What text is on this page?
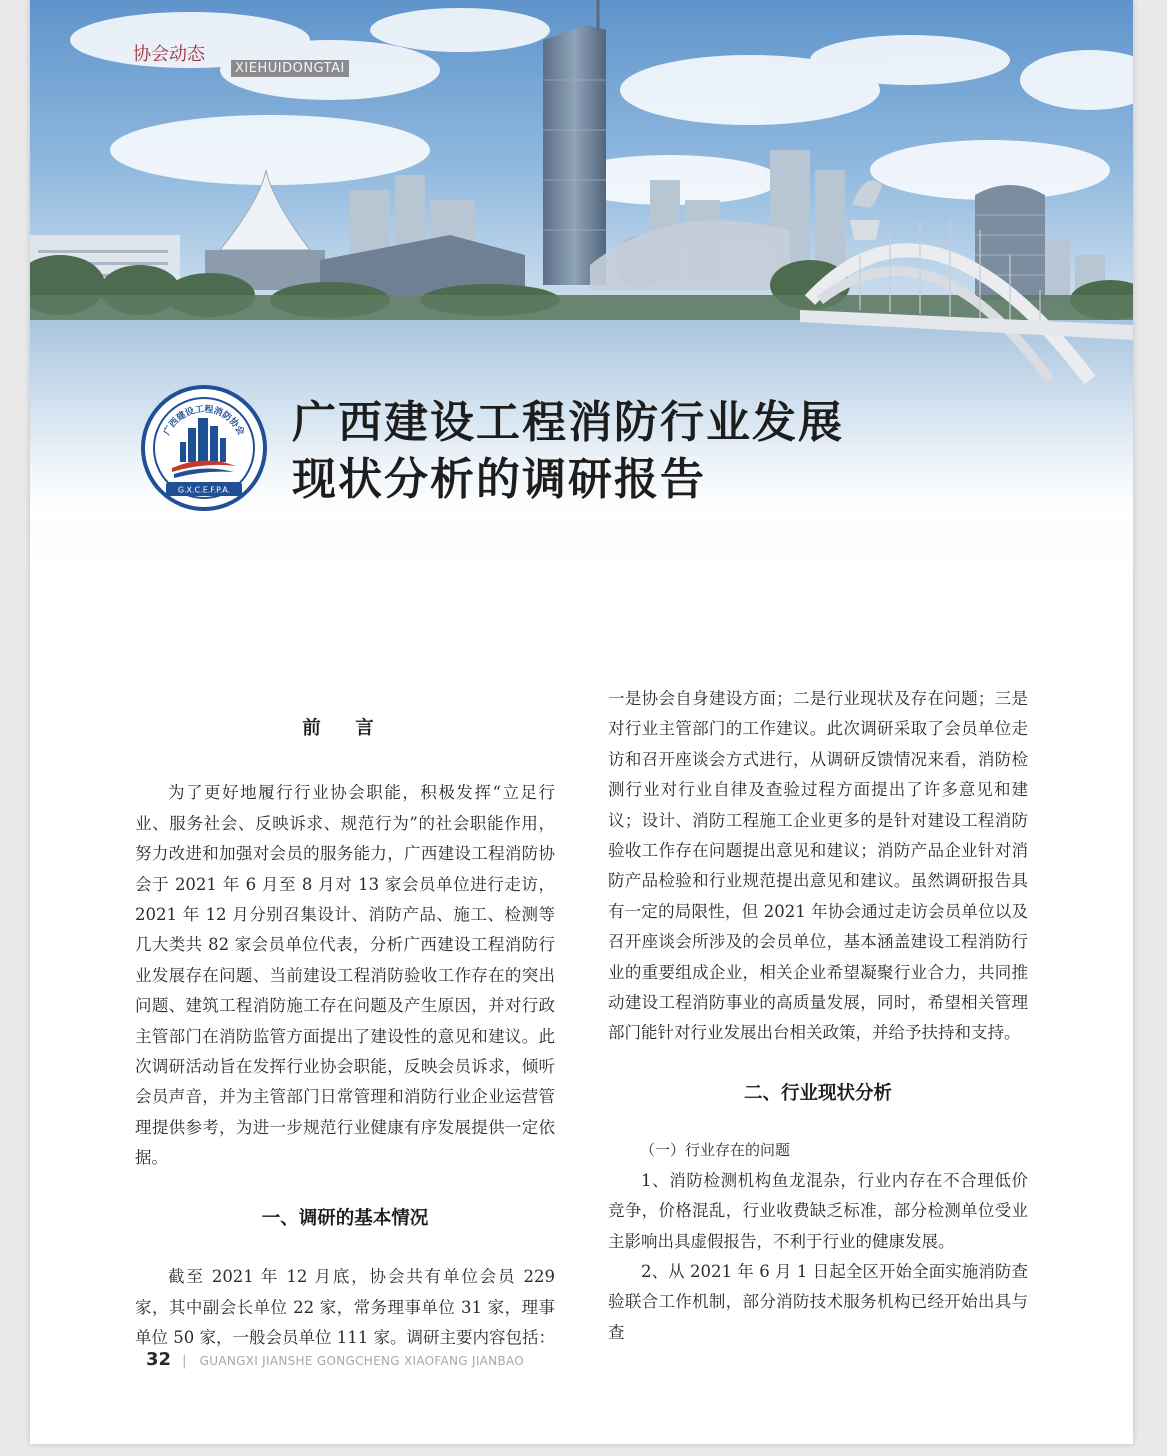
协会动态
XIEHUIDONGTAI
广西建设工程消防协会
G.X.C.E.F.P.A.
广西建设工程消防行业发展
现状分析的调研报告

前 言

为了更好地履行行业协会职能，积极发挥“立足行业、服务社会、反映诉求、规范行为”的社会职能作用，努力改进和加强对会员的服务能力，广西建设工程消防协会于 2021 年 6 月至 8 月对 13 家会员单位进行走访，2021 年 12 月分别召集设计、消防产品、施工、检测等几大类共 82 家会员单位代表，分析广西建设工程消防行业发展存在问题、当前建设工程消防验收工作存在的突出问题、建筑工程消防施工存在问题及产生原因，并对行政主管部门在消防监管方面提出了建设性的意见和建议。此次调研活动旨在发挥行业协会职能，反映会员诉求，倾听会员声音，并为主管部门日常管理和消防行业企业运营管理提供参考，为进一步规范行业健康有序发展提供一定依据。

一、调研的基本情况

截至 2021 年 12 月底，协会共有单位会员 229 家，其中副会长单位 22 家，常务理事单位 31 家，理事单位 50 家，一般会员单位 111 家。调研主要内容包括：

一是协会自身建设方面；二是行业现状及存在问题；三是对行业主管部门的工作建议。此次调研采取了会员单位走访和召开座谈会方式进行，从调研反馈情况来看，消防检测行业对行业自律及查验过程方面提出了许多意见和建议；设计、消防工程施工企业更多的是针对建设工程消防验收工作存在问题提出意见和建议；消防产品企业针对消防产品检验和行业规范提出意见和建议。虽然调研报告具有一定的局限性，但 2021 年协会通过走访会员单位以及召开座谈会所涉及的会员单位，基本涵盖建设工程消防行业的重要组成企业，相关企业希望凝聚行业合力，共同推动建设工程消防事业的高质量发展，同时，希望相关管理部门能针对行业发展出台相关政策，并给予扶持和支持。

二、行业现状分析

（一）行业存在的问题

1、消防检测机构鱼龙混杂，行业内存在不合理低价竞争，价格混乱，行业收费缺乏标准，部分检测单位受业主影响出具虚假报告，不利于行业的健康发展。

2、从 2021 年 6 月 1 日起全区开始全面实施消防查验联合工作机制，部分消防技术服务机构已经开始出具与查

32 | GUANGXI JIANSHE GONGCHENG XIAOFANG JIANBAO
